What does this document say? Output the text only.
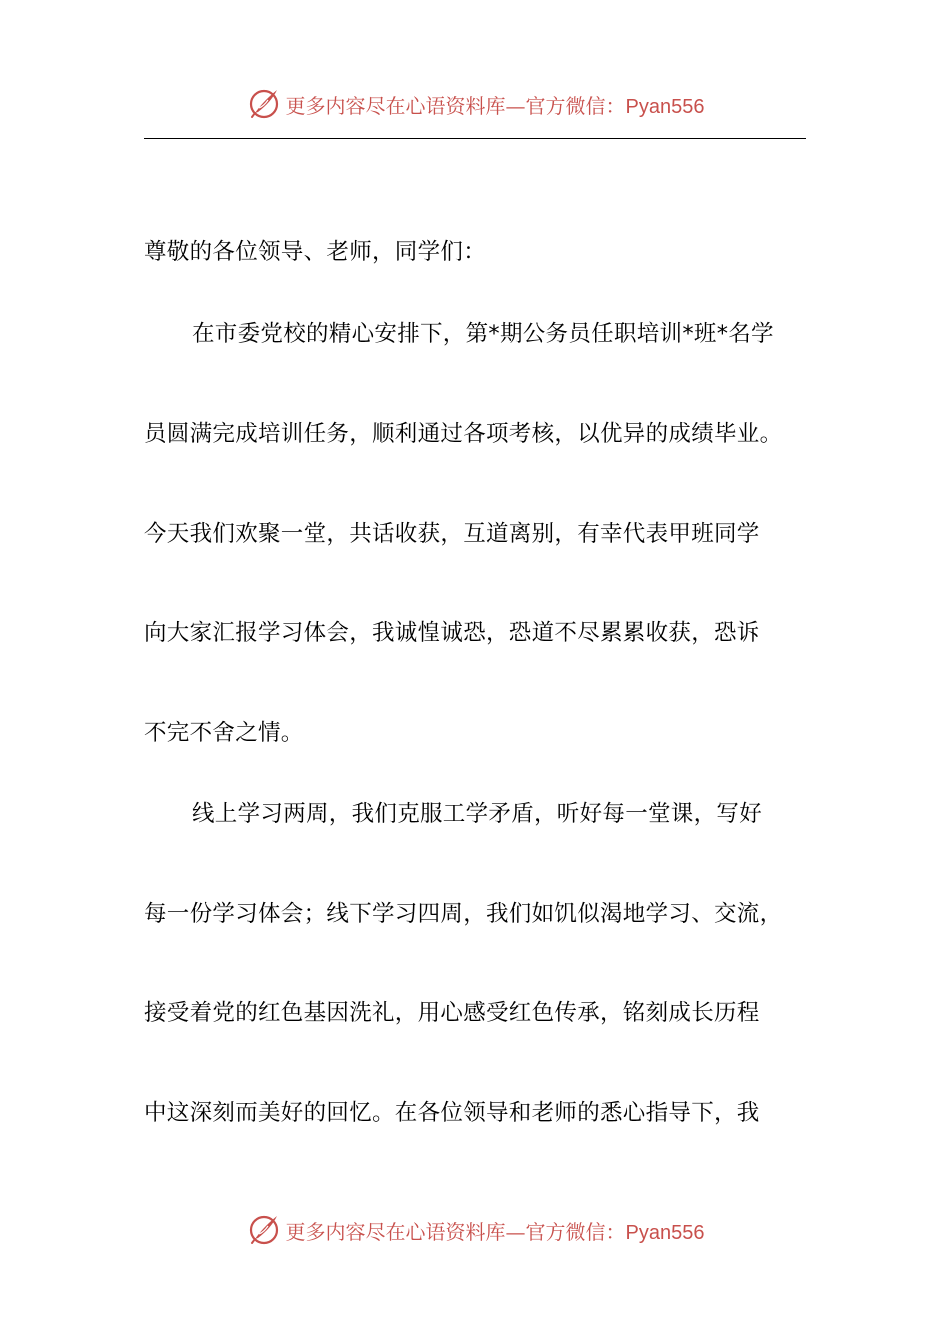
更多内容尽在心语资料库—官方微信：Pyan556
尊敬的各位领导、老师，同学们：
在市委党校的精心安排下，第*期公务员任职培训*班*名学
员圆满完成培训任务，顺利通过各项考核，以优异的成绩毕业。
今天我们欢聚一堂，共话收获，互道离别，有幸代表甲班同学
向大家汇报学习体会，我诚惶诚恐，恐道不尽累累收获，恐诉
不完不舍之情。
线上学习两周，我们克服工学矛盾，听好每一堂课，写好
每一份学习体会；线下学习四周，我们如饥似渴地学习、交流，
接受着党的红色基因洗礼，用心感受红色传承，铭刻成长历程
中这深刻而美好的回忆。在各位领导和老师的悉心指导下，我
更多内容尽在心语资料库—官方微信：Pyan556
